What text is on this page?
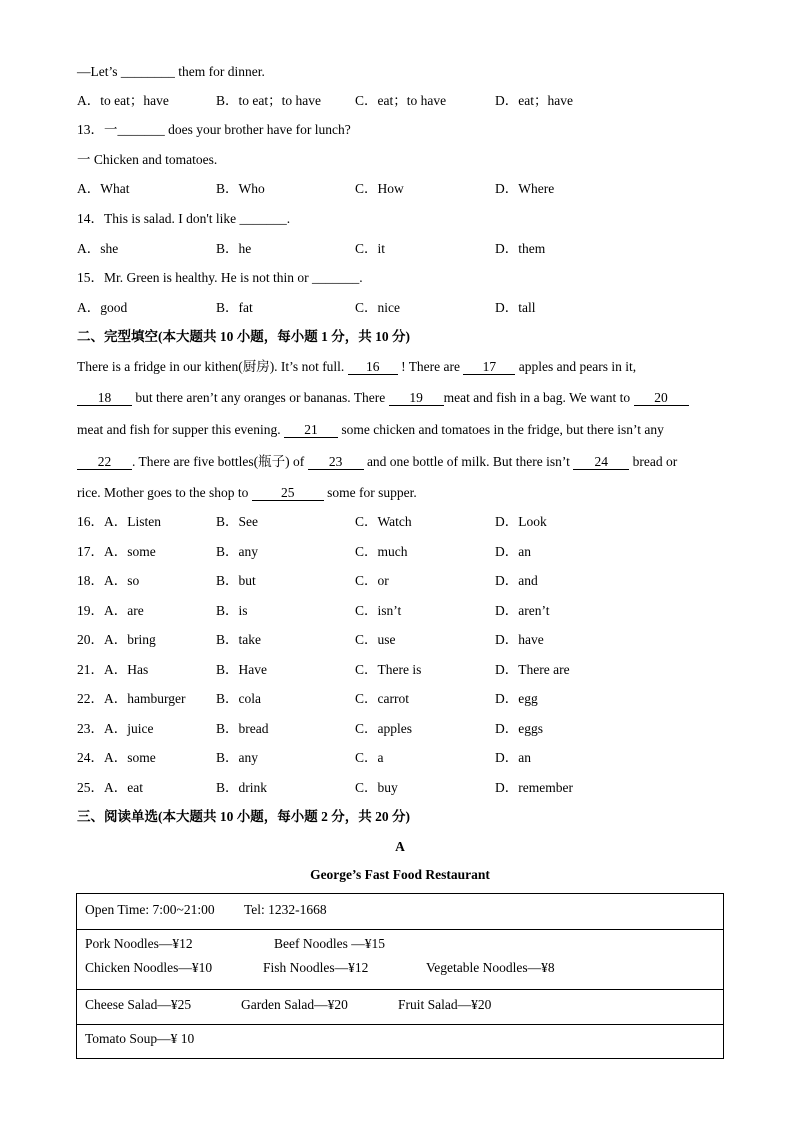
—Let’s ________ them for dinner.
A．to eat；have	B．to eat；to have	C．eat；to have	D．eat；have
13．一_______ does your brother have for lunch?
一 Chicken and tomatoes.
A．What	B．Who	C．How	D．Where
14．This is salad. I don't like _______.
A．she	B．he	C．it	D．them
15．Mr. Green is healthy. He is not thin or _______.
A．good	B．fat	C．nice	D．tall
二、完型填空(本大题共 10 小题，每小题 1 分，共 10 分)
There is a fridge in our kithen(厨房). It’s not full. 16 ! There are 17 apples and pears in it,
18 but there aren’t any oranges or bananas. There 19 meat and fish in a bag. We want to 20
meat and fish for supper this evening. 21 some chicken and tomatoes in the fridge, but there isn’t any
22 . There are five bottles(瓶子) of 23 and one bottle of milk. But there isn’t 24 bread or
rice. Mother goes to the shop to 25 some for supper.
16．A．Listen	B．See	C．Watch	D．Look
17．A．some	B．any	C．much	D．an
18．A．so	B．but	C．or	D．and
19．A．are	B．is	C．isn’t	D．aren’t
20．A．bring	B．take	C．use	D．have
21．A．Has	B．Have	C．There is	D．There are
22．A．hamburger B．cola	C．carrot	D．egg
23．A．juice	B．bread	C．apples	D．eggs
24．A．some	B．any	C．a	D．an
25．A．eat	B．drink	C．buy	D．remember
三、阅读单选(本大题共 10 小题，每小题 2 分，共 20 分)
A
George’s Fast Food Restaurant
Open Time: 7:00~21:00 Tel: 1232-1668
Pork Noodles—¥12	Beef Noodles —¥15
Chicken Noodles—¥10	Fish Noodles—¥12	Vegetable Noodles—¥8
Cheese Salad—¥25	Garden Salad—¥20	Fruit Salad—¥20
Tomato Soup—¥ 10
